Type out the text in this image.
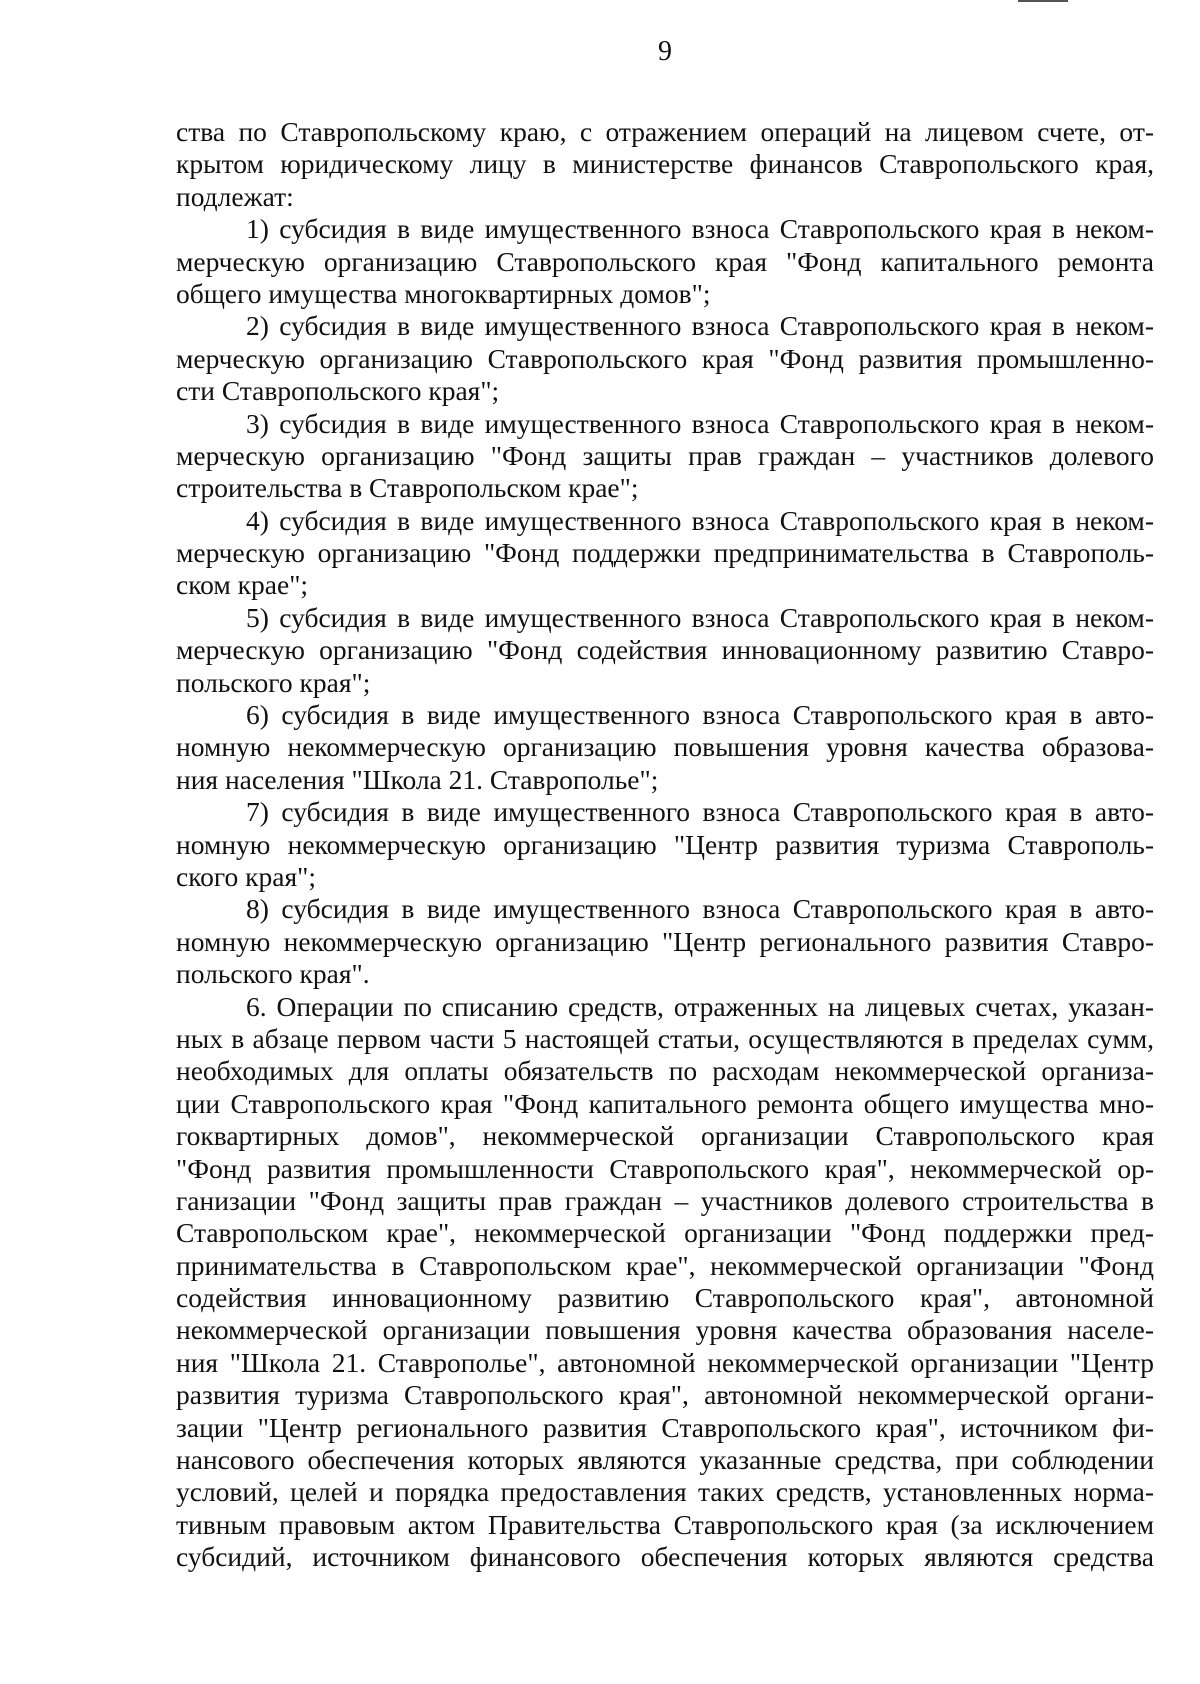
9
ства по Ставропольскому краю, с отражением операций на лицевом счете, от-
крытом юридическому лицу в министерстве финансов Ставропольского края,
подлежат:
1) субсидия в виде имущественного взноса Ставропольского края в неком-
мерческую организацию Ставропольского края "Фонд капитального ремонта
общего имущества многоквартирных домов";
2) субсидия в виде имущественного взноса Ставропольского края в неком-
мерческую организацию Ставропольского края "Фонд развития промышленно-
сти Ставропольского края";
3) субсидия в виде имущественного взноса Ставропольского края в неком-
мерческую организацию "Фонд защиты прав граждан – участников долевого
строительства в Ставропольском крае";
4) субсидия в виде имущественного взноса Ставропольского края в неком-
мерческую организацию "Фонд поддержки предпринимательства в Ставрополь-
ском крае";
5) субсидия в виде имущественного взноса Ставропольского края в неком-
мерческую организацию "Фонд содействия инновационному развитию Ставро-
польского края";
6) субсидия в виде имущественного взноса Ставропольского края в авто-
номную некоммерческую организацию повышения уровня качества образова-
ния населения "Школа 21. Ставрополье";
7) субсидия в виде имущественного взноса Ставропольского края в авто-
номную некоммерческую организацию "Центр развития туризма Ставрополь-
ского края";
8) субсидия в виде имущественного взноса Ставропольского края в авто-
номную некоммерческую организацию "Центр регионального развития Ставро-
польского края".
6. Операции по списанию средств, отраженных на лицевых счетах, указан-
ных в абзаце первом части 5 настоящей статьи, осуществляются в пределах сумм,
необходимых для оплаты обязательств по расходам некоммерческой организа-
ции Ставропольского края "Фонд капитального ремонта общего имущества мно-
гоквартирных домов", некоммерческой организации Ставропольского края
"Фонд развития промышленности Ставропольского края", некоммерческой ор-
ганизации "Фонд защиты прав граждан – участников долевого строительства в
Ставропольском крае", некоммерческой организации "Фонд поддержки пред-
принимательства в Ставропольском крае", некоммерческой организации "Фонд
содействия инновационному развитию Ставропольского края", автономной
некоммерческой организации повышения уровня качества образования населе-
ния "Школа 21. Ставрополье", автономной некоммерческой организации "Центр
развития туризма Ставропольского края", автономной некоммерческой органи-
зации "Центр регионального развития Ставропольского края", источником фи-
нансового обеспечения которых являются указанные средства, при соблюдении
условий, целей и порядка предоставления таких средств, установленных норма-
тивным правовым актом Правительства Ставропольского края (за исключением
субсидий, источником финансового обеспечения которых являются средства
